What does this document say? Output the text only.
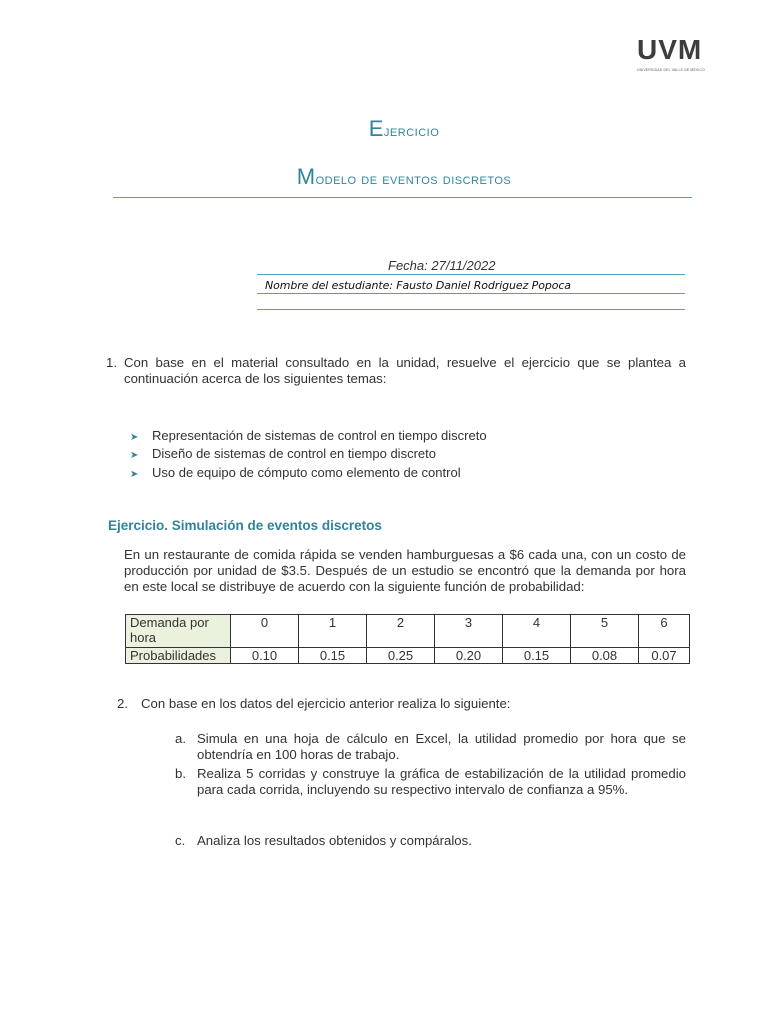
UVM
UNIVERSIDAD DEL VALLE DE MÉXICO
Ejercicio
Modelo de eventos discretos
Fecha: 27/11/2022
Nombre del estudiante: Fausto Daniel Rodriguez Popoca
1. Con base en el material consultado en la unidad, resuelve el ejercicio que se plantea a continuación acerca de los siguientes temas:
➤ Representación de sistemas de control en tiempo discreto
➤ Diseño de sistemas de control en tiempo discreto
➤ Uso de equipo de cómputo como elemento de control
Ejercicio. Simulación de eventos discretos
En un restaurante de comida rápida se venden hamburguesas a $6 cada una, con un costo de producción por unidad de $3.5. Después de un estudio se encontró que la demanda por hora en este local se distribuye de acuerdo con la siguiente función de probabilidad:
Demanda por hora	0	1	2	3	4	5	6
Probabilidades	0.10	0.15	0.25	0.20	0.15	0.08	0.07
2. Con base en los datos del ejercicio anterior realiza lo siguiente:
a. Simula en una hoja de cálculo en Excel, la utilidad promedio por hora que se obtendría en 100 horas de trabajo.
b. Realiza 5 corridas y construye la gráfica de estabilización de la utilidad promedio para cada corrida, incluyendo su respectivo intervalo de confianza a 95%.
c. Analiza los resultados obtenidos y compáralos.
